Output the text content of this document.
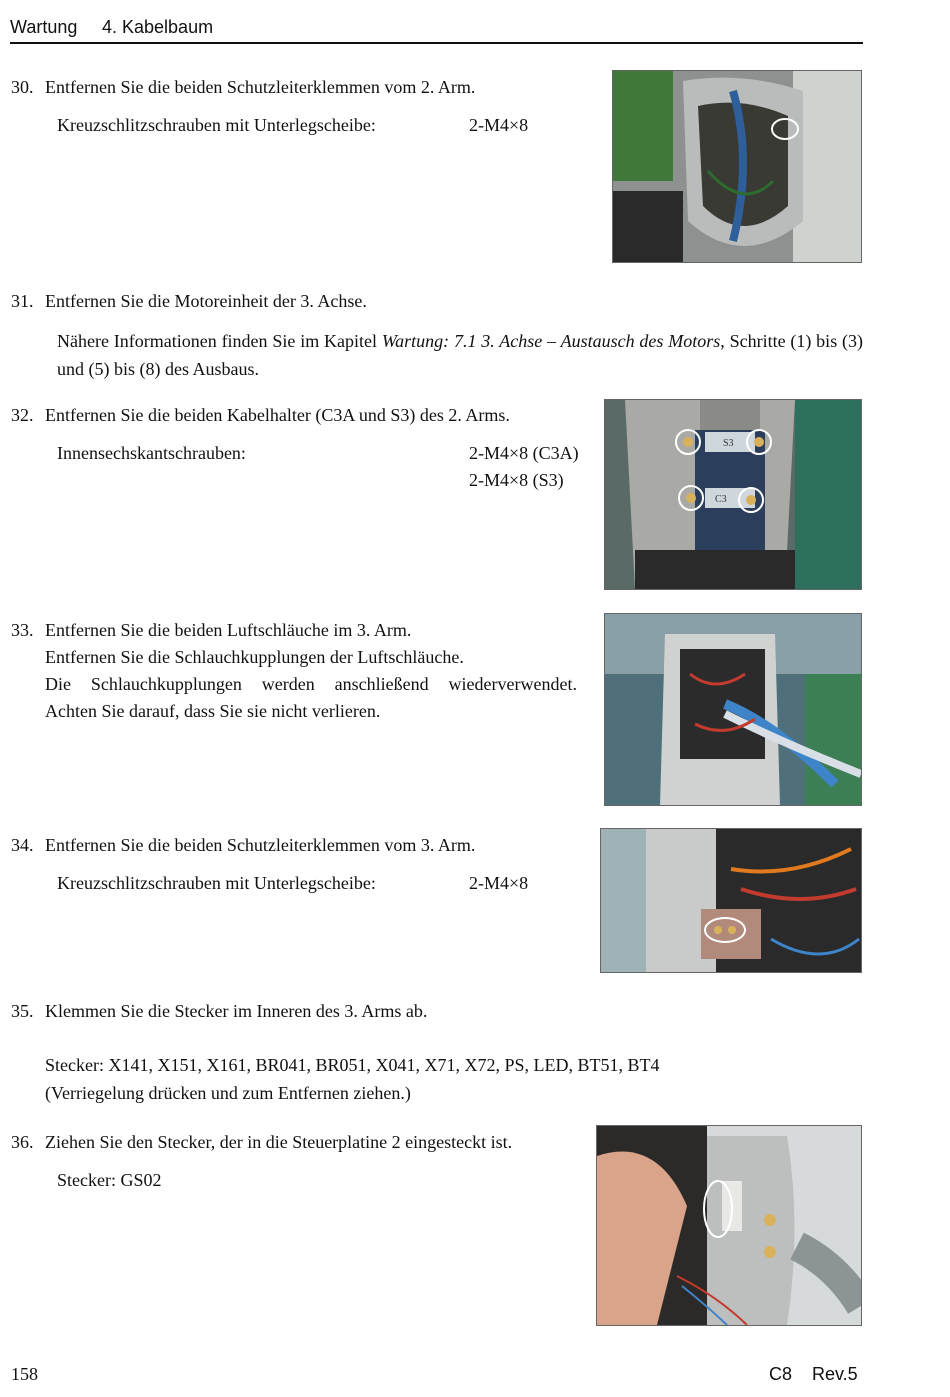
Wartung 4. Kabelbaum
30. Entfernen Sie die beiden Schutzleiterklemmen vom 2. Arm.
Kreuzschlitzschrauben mit Unterlegscheibe:	2-M4×8
31. Entfernen Sie die Motoreinheit der 3. Achse.
Nähere Informationen finden Sie im Kapitel Wartung: 7.1 3. Achse – Austausch des Motors, Schritte (1) bis (3) und (5) bis (8) des Ausbaus.
32. Entfernen Sie die beiden Kabelhalter (C3A und S3) des 2. Arms.
Innensechskantschrauben:	2-M4×8 (C3A)
2-M4×8 (S3)
S3
C3
33. Entfernen Sie die beiden Luftschläuche im 3. Arm.
Entfernen Sie die Schlauchkupplungen der Luftschläuche.
Die Schlauchkupplungen werden anschließend wiederverwendet.
Achten Sie darauf, dass Sie sie nicht verlieren.
34. Entfernen Sie die beiden Schutzleiterklemmen vom 3. Arm.
Kreuzschlitzschrauben mit Unterlegscheibe:	2-M4×8
35. Klemmen Sie die Stecker im Inneren des 3. Arms ab.
Stecker: X141, X151, X161, BR041, BR051, X041, X71, X72, PS, LED, BT51, BT4
(Verriegelung drücken und zum Entfernen ziehen.)
36. Ziehen Sie den Stecker, der in die Steuerplatine 2 eingesteckt ist.
Stecker: GS02
158	C8 Rev.5
